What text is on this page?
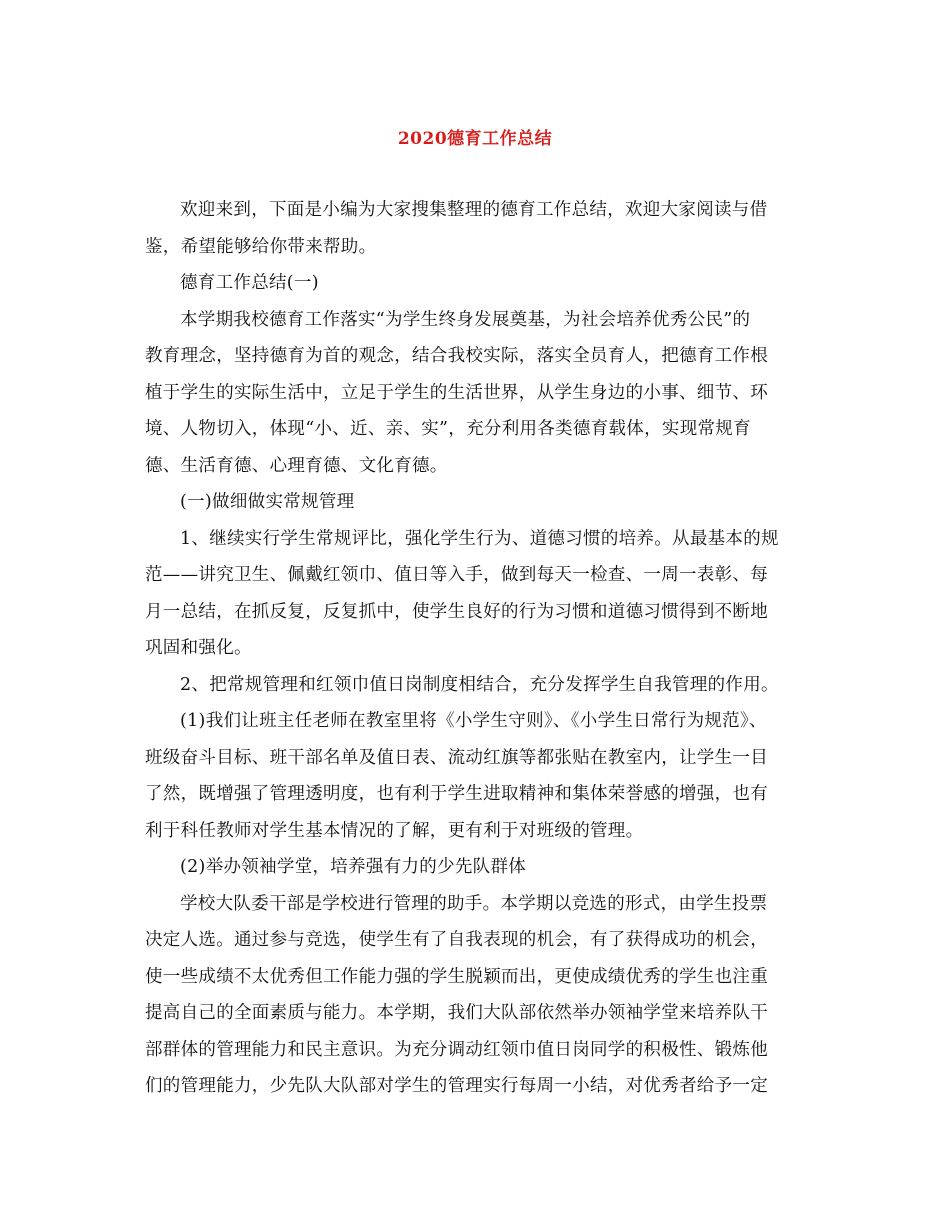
2020德育工作总结
欢迎来到，下面是小编为大家搜集整理的德育工作总结，欢迎大家阅读与借
鉴，希望能够给你带来帮助。
德育工作总结(一)
本学期我校德育工作落实“为学生终身发展奠基，为社会培养优秀公民”的
教育理念，坚持德育为首的观念，结合我校实际，落实全员育人，把德育工作根
植于学生的实际生活中，立足于学生的生活世界，从学生身边的小事、细节、环
境、人物切入，体现“小、近、亲、实”，充分利用各类德育载体，实现常规育
德、生活育德、心理育德、文化育德。
(一)做细做实常规管理
1、继续实行学生常规评比，强化学生行为、道德习惯的培养。从最基本的规
范——讲究卫生、佩戴红领巾、值日等入手，做到每天一检查、一周一表彰、每
月一总结，在抓反复，反复抓中，使学生良好的行为习惯和道德习惯得到不断地
巩固和强化。
2、把常规管理和红领巾值日岗制度相结合，充分发挥学生自我管理的作用。
(1)我们让班主任老师在教室里将《小学生守则》、《小学生日常行为规范》、
班级奋斗目标、班干部名单及值日表、流动红旗等都张贴在教室内，让学生一目
了然，既增强了管理透明度，也有利于学生进取精神和集体荣誉感的增强，也有
利于科任教师对学生基本情况的了解，更有利于对班级的管理。
(2)举办领袖学堂，培养强有力的少先队群体
学校大队委干部是学校进行管理的助手。本学期以竞选的形式，由学生投票
决定人选。通过参与竞选，使学生有了自我表现的机会，有了获得成功的机会，
使一些成绩不太优秀但工作能力强的学生脱颖而出，更使成绩优秀的学生也注重
提高自己的全面素质与能力。本学期，我们大队部依然举办领袖学堂来培养队干
部群体的管理能力和民主意识。为充分调动红领巾值日岗同学的积极性、锻炼他
们的管理能力，少先队大队部对学生的管理实行每周一小结，对优秀者给予一定
